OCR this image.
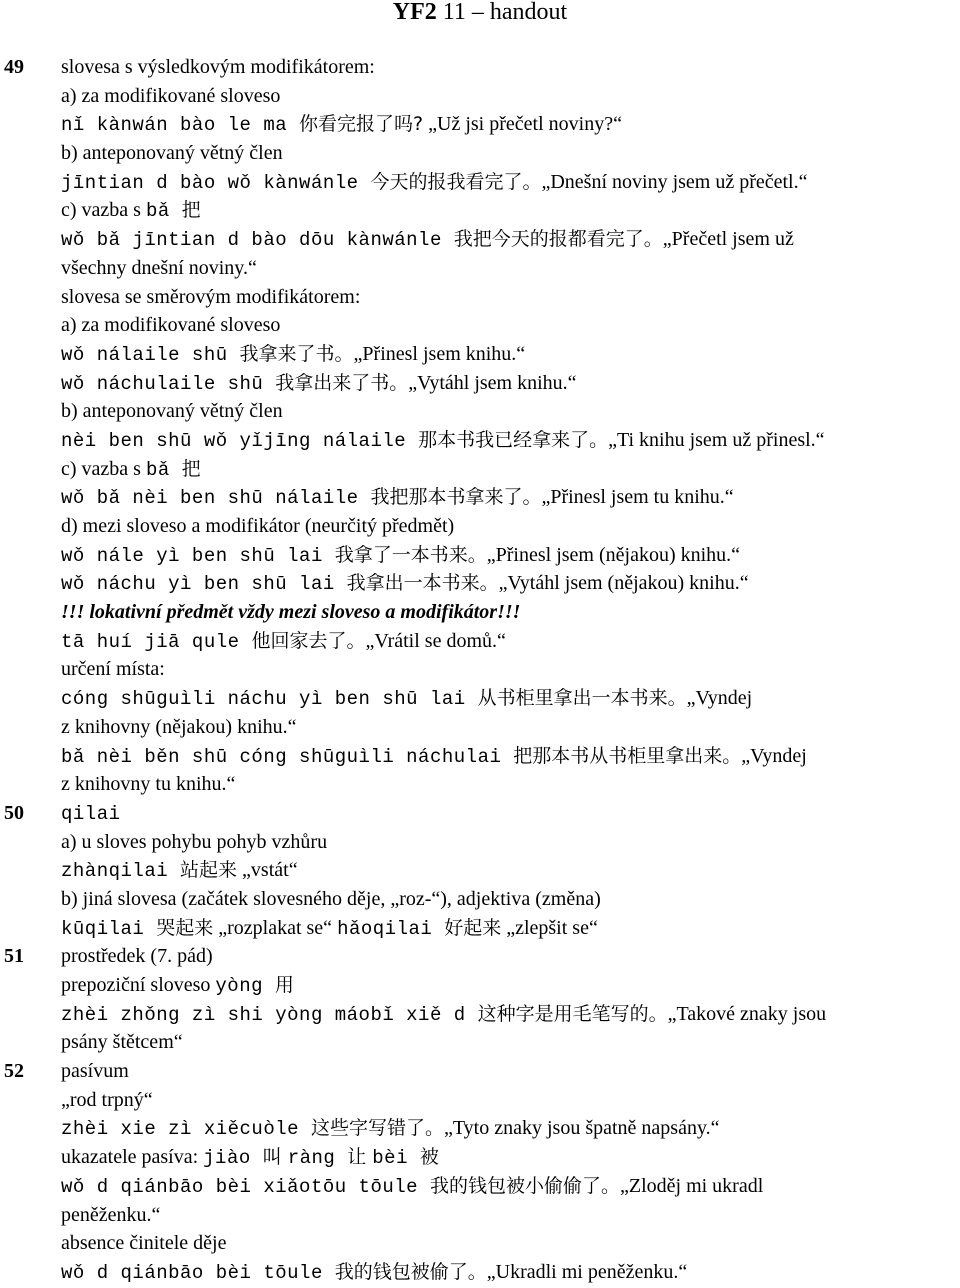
YF2 11 – handout
49 slovesa s výsledkovým modifikátorem:
a) za modifikované sloveso
nǐ kànwán bào le ma 你看完报了吗? „Už jsi přečetl noviny?“
b) anteponovaný větný člen
jīntian d bào wǒ kànwánle 今天的报我看完了。„Dnešní noviny jsem už přečetl.“
c) vazba s bǎ 把
wǒ bǎ jīntian d bào dōu kànwánle 我把今天的报都看完了。„Přečetl jsem už
všechny dnešní noviny.“
slovesa se směrovým modifikátorem:
a) za modifikované sloveso
wǒ nálaile shū 我拿来了书。„Přinesl jsem knihu.“
wǒ náchulaile shū 我拿出来了书。„Vytáhl jsem knihu.“
b) anteponovaný větný člen
nèi ben shū wǒ yǐjīng nálaile 那本书我已经拿来了。„Ti knihu jsem už přinesl.“
c) vazba s bǎ 把
wǒ bǎ nèi ben shū nálaile 我把那本书拿来了。„Přinesl jsem tu knihu.“
d) mezi sloveso a modifikátor (neurčitý předmět)
wǒ nále yì ben shū lai 我拿了一本书来。„Přinesl jsem (nějakou) knihu.“
wǒ náchu yì ben shū lai 我拿出一本书来。„Vytáhl jsem (nějakou) knihu.“
!!! lokativní předmět vždy mezi sloveso a modifikátor!!!
tā huí jiā qule 他回家去了。„Vrátil se domů.“
určení místa:
cóng shūguìli náchu yì ben shū lai 从书柜里拿出一本书来。„Vyndej
z knihovny (nějakou) knihu.“
bǎ nèi běn shū cóng shūguìli náchulai 把那本书从书柜里拿出来。„Vyndej
z knihovny tu knihu.“
50 qilai
a) u sloves pohybu pohyb vzhůru
zhànqilai 站起来 „vstát“
b) jiná slovesa (začátek slovesného děje, „roz-“), adjektiva (změna)
kūqilai 哭起来 „rozplakat se“ hǎoqilai 好起来 „zlepšit se“
51 prostředek (7. pád)
prepoziční sloveso yòng 用
zhèi zhǒng zì shi yòng máobǐ xiě d 这种字是用毛笔写的。„Takové znaky jsou
psány štětcem“
52 pasívum
„rod trpný“
zhèi xie zì xiěcuòle 这些字写错了。„Tyto znaky jsou špatně napsány.“
ukazatele pasíva: jiào 叫 ràng 让 bèi 被
wǒ d qiánbāo bèi xiǎotōu tōule 我的钱包被小偷偷了。„Zloděj mi ukradl
peněženku.“
absence činitele děje
wǒ d qiánbāo bèi tōule 我的钱包被偷了。„Ukradli mi peněženku.“
